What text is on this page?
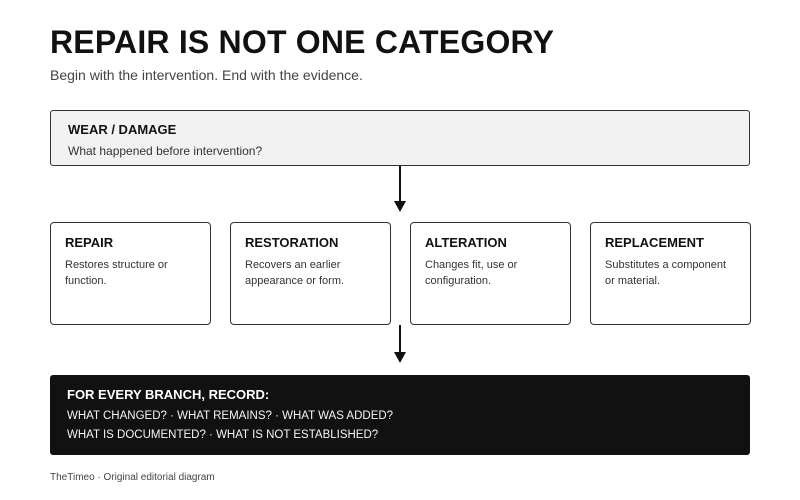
REPAIR IS NOT ONE CATEGORY
Begin with the intervention. End with the evidence.
WEAR / DAMAGE
What happened before intervention?
REPAIR
Restores structure or function.
RESTORATION
Recovers an earlier appearance or form.
ALTERATION
Changes fit, use or configuration.
REPLACEMENT
Substitutes a component or material.
FOR EVERY BRANCH, RECORD:
WHAT CHANGED? · WHAT REMAINS? · WHAT WAS ADDED?
WHAT IS DOCUMENTED? · WHAT IS NOT ESTABLISHED?
TheTimeo · Original editorial diagram
